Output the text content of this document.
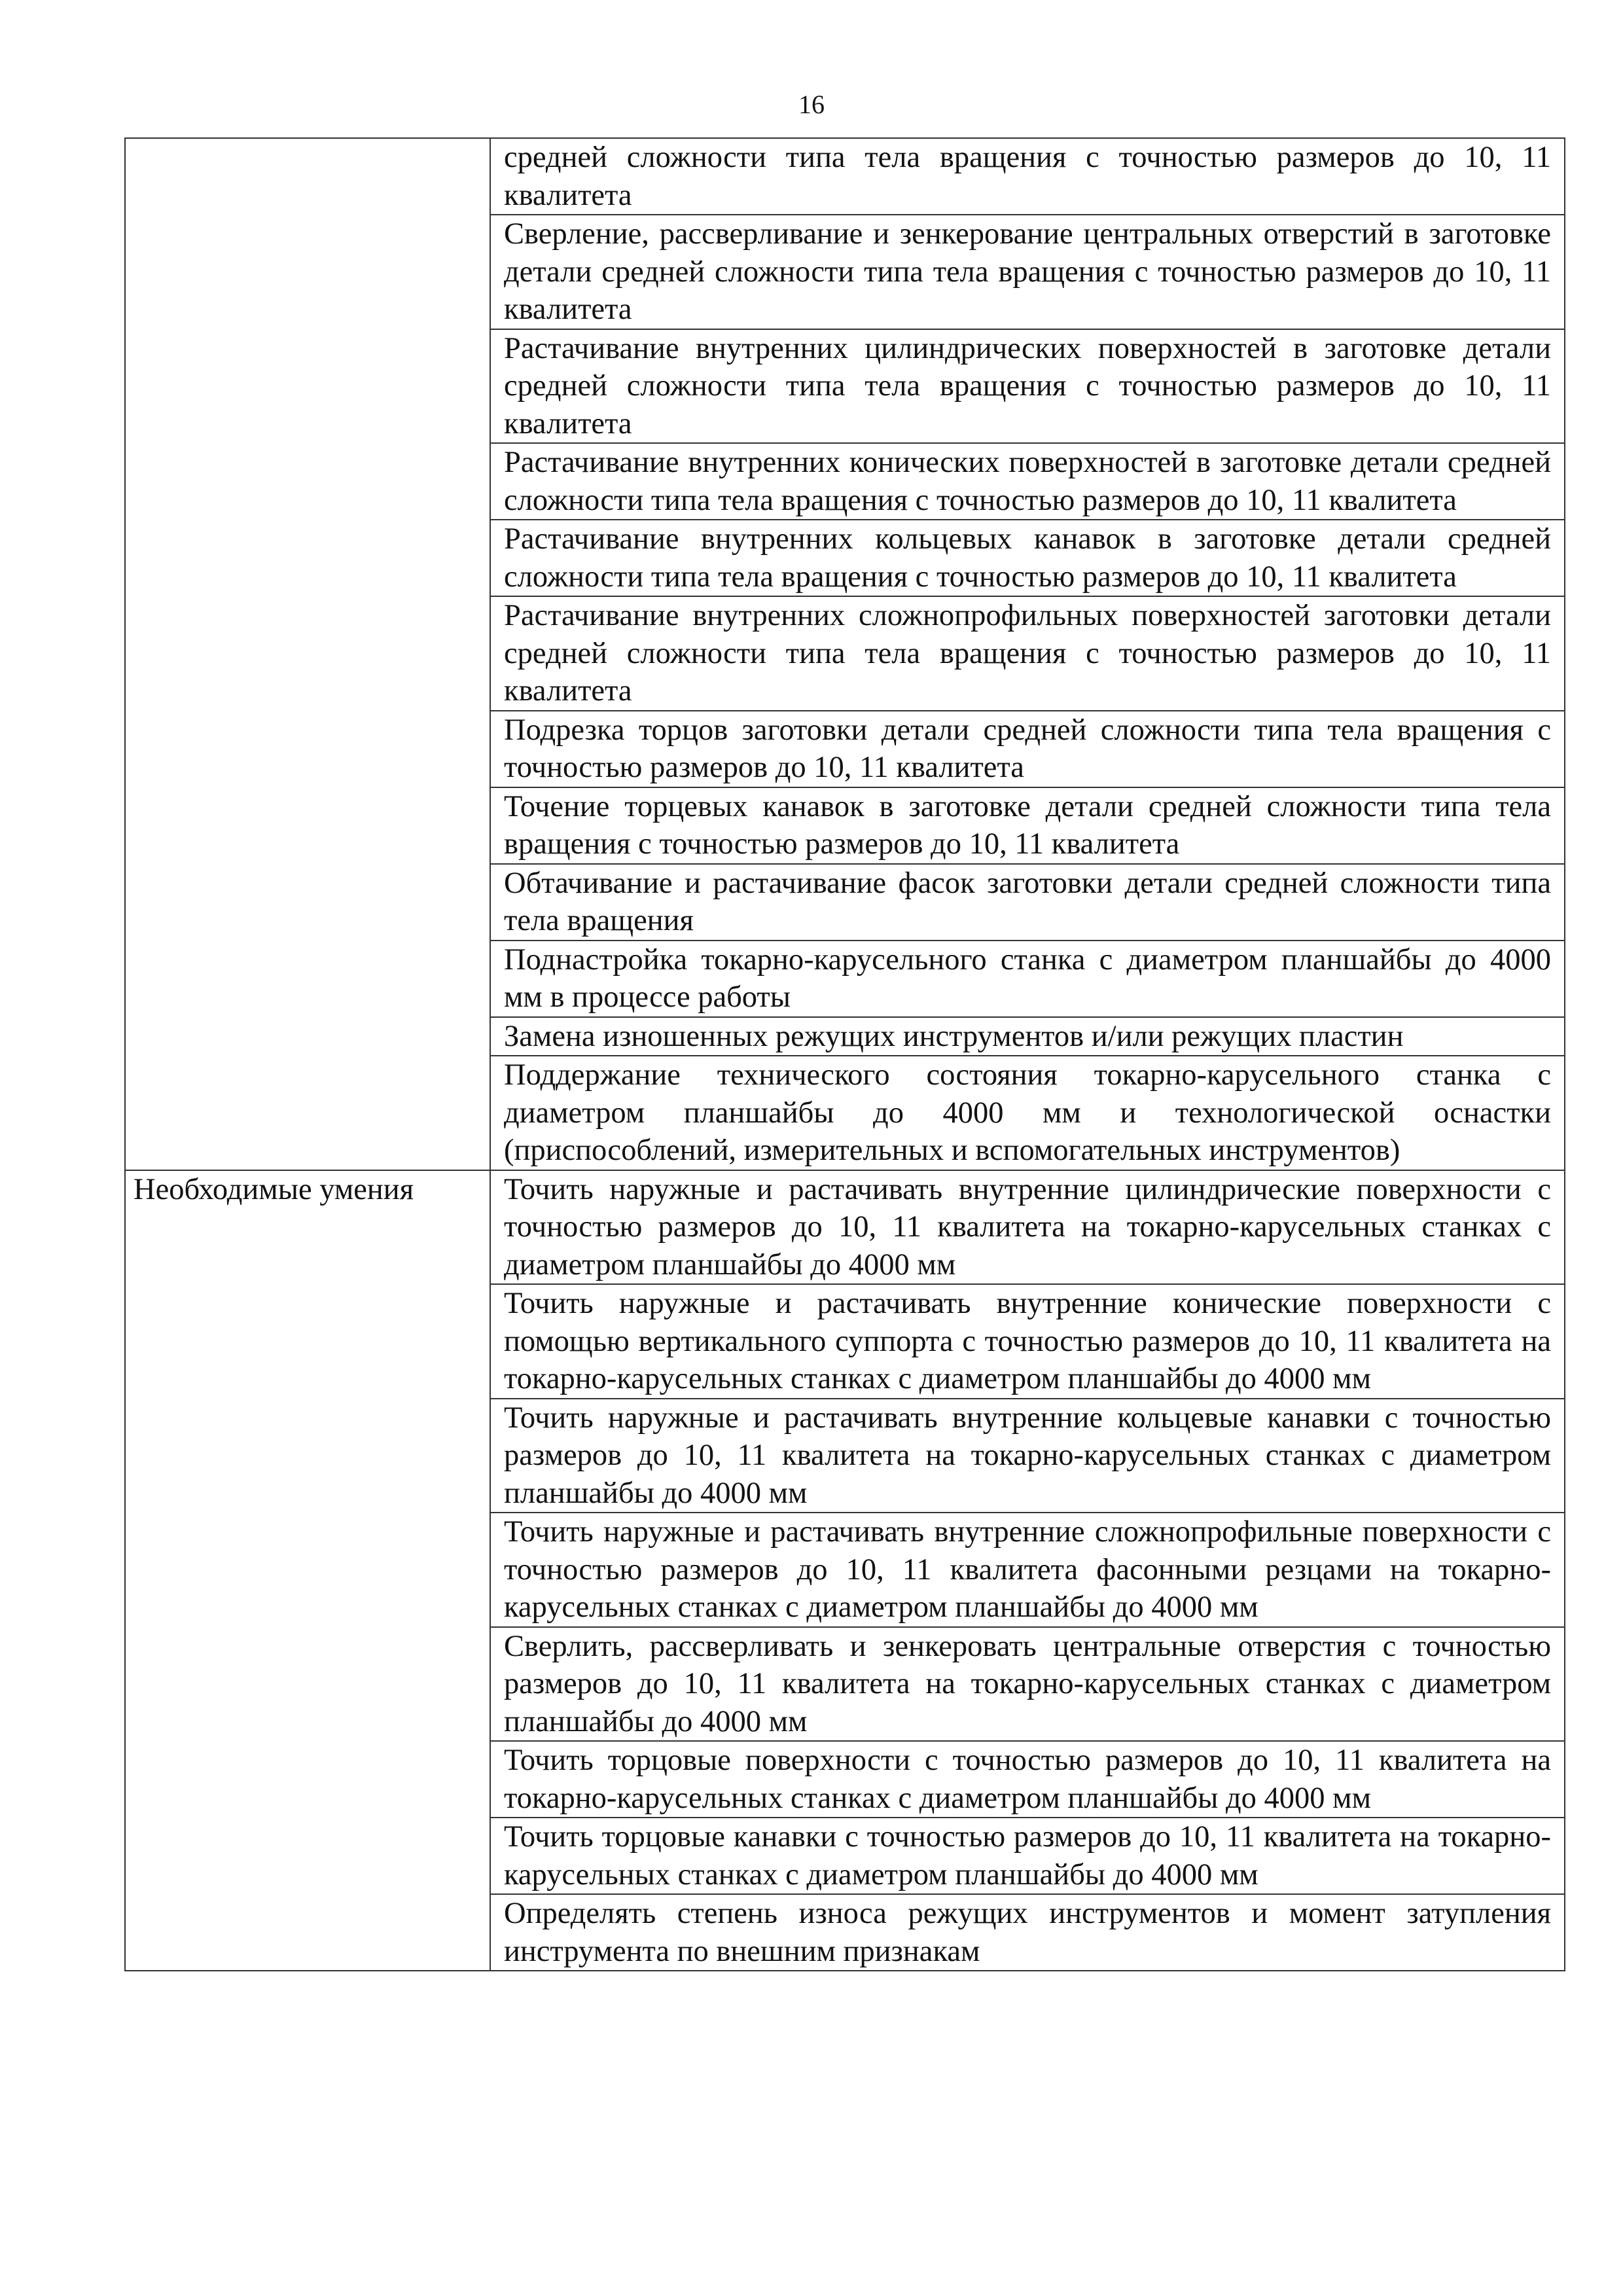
16

	средней сложности типа тела вращения с точностью размеров до 10, 11 квалитета

	Сверление, рассверливание и зенкерование центральных отверстий в заготовке детали средней сложности типа тела вращения с точностью размеров до 10, 11 квалитета

	Растачивание внутренних цилиндрических поверхностей в заготовке детали средней сложности типа тела вращения с точностью размеров до 10, 11 квалитета

	Растачивание внутренних конических поверхностей в заготовке детали средней сложности типа тела вращения с точностью размеров до 10, 11 квалитета

	Растачивание внутренних кольцевых канавок в заготовке детали средней сложности типа тела вращения с точностью размеров до 10, 11 квалитета

	Растачивание внутренних сложнопрофильных поверхностей заготовки детали средней сложности типа тела вращения с точностью размеров до 10, 11 квалитета

	Подрезка торцов заготовки детали средней сложности типа тела вращения с точностью размеров до 10, 11 квалитета

	Точение торцевых канавок в заготовке детали средней сложности типа тела вращения с точностью размеров до 10, 11 квалитета

	Обтачивание и растачивание фасок заготовки детали средней сложности типа тела вращения

	Поднастройка токарно-карусельного станка с диаметром планшайбы до 4000 мм в процессе работы

	Замена изношенных режущих инструментов и/или режущих пластин

	Поддержание технического состояния токарно-карусельного станка с диаметром планшайбы до 4000 мм и технологической оснастки (приспособлений, измерительных и вспомогательных инструментов)

Необходимые умения	Точить наружные и растачивать внутренние цилиндрические поверхности с точностью размеров до 10, 11 квалитета на токарно-карусельных станках с диаметром планшайбы до 4000 мм

	Точить наружные и растачивать внутренние конические поверхности с помощью вертикального суппорта с точностью размеров до 10, 11 квалитета на токарно-карусельных станках с диаметром планшайбы до 4000 мм

	Точить наружные и растачивать внутренние кольцевые канавки с точностью размеров до 10, 11 квалитета на токарно-карусельных станках с диаметром планшайбы до 4000 мм

	Точить наружные и растачивать внутренние сложнопрофильные поверхности с точностью размеров до 10, 11 квалитета фасонными резцами на токарно-карусельных станках с диаметром планшайбы до 4000 мм

	Сверлить, рассверливать и зенкеровать центральные отверстия с точностью размеров до 10, 11 квалитета на токарно-карусельных станках с диаметром планшайбы до 4000 мм

	Точить торцовые поверхности с точностью размеров до 10, 11 квалитета на токарно-карусельных станках с диаметром планшайбы до 4000 мм

	Точить торцовые канавки с точностью размеров до 10, 11 квалитета на токарно-карусельных станках с диаметром планшайбы до 4000 мм

	Определять степень износа режущих инструментов и момент затупления инструмента по внешним признакам
